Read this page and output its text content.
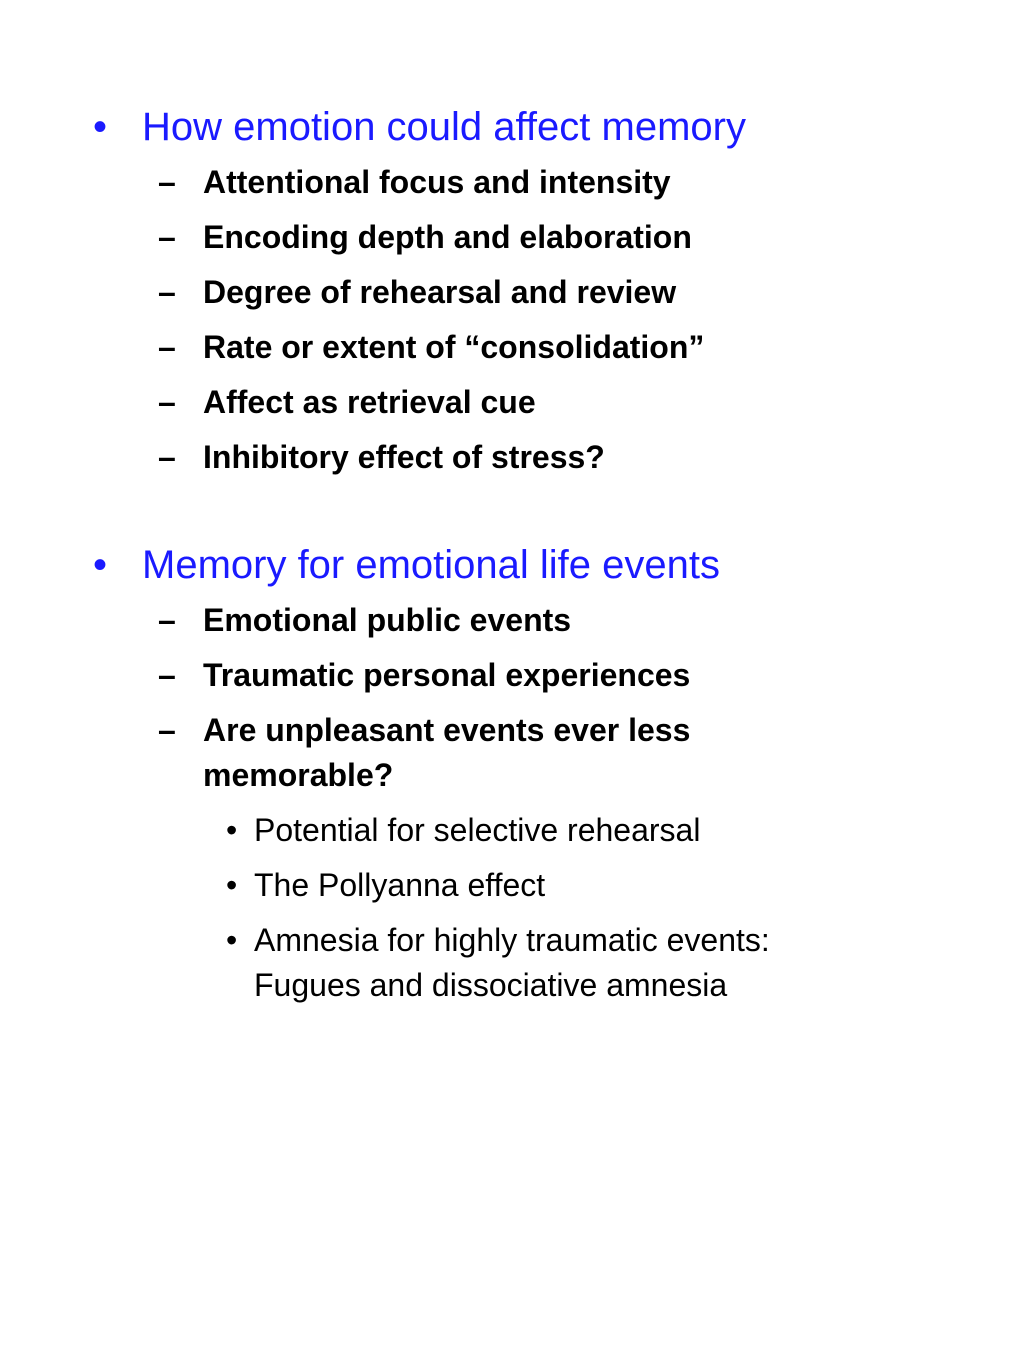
• How emotion could affect memory
– Attentional focus and intensity
– Encoding depth and elaboration
– Degree of rehearsal and review
– Rate or extent of “consolidation”
– Affect as retrieval cue
– Inhibitory effect of stress?
• Memory for emotional life events
– Emotional public events
– Traumatic personal experiences
– Are unpleasant events ever less memorable?
• Potential for selective rehearsal
• The Pollyanna effect
• Amnesia for highly traumatic events: Fugues and dissociative amnesia
